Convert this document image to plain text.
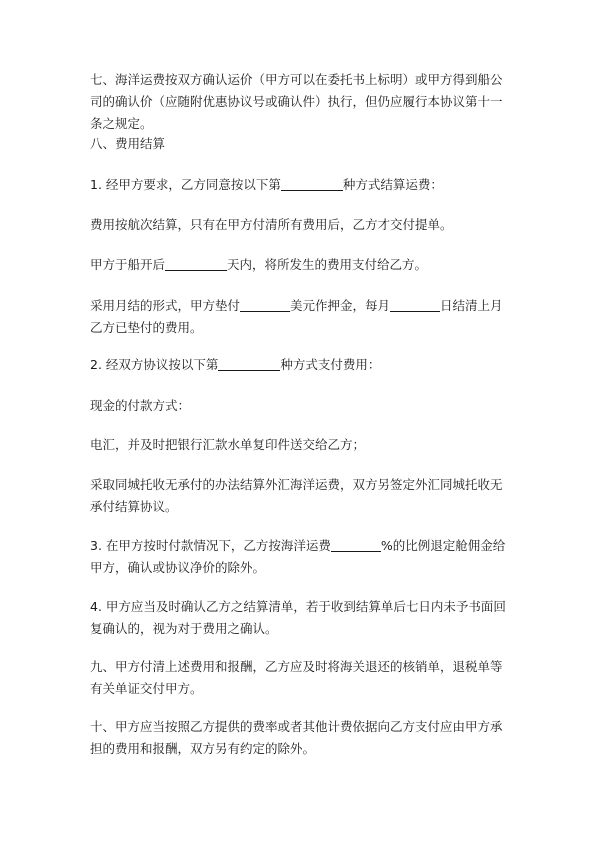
七、海洋运费按双方确认运价（甲方可以在委托书上标明）或甲方得到船公司的确认价（应随附优惠协议号或确认件）执行，但仍应履行本协议第十一条之规定。

八、费用结算

1. 经甲方要求，乙方同意按以下第	种方式结算运费：

费用按航次结算，只有在甲方付清所有费用后，乙方才交付提单。

甲方于船开后	天内，将所发生的费用支付给乙方。

采用月结的形式，甲方垫付	美元作押金，每月	日结清上月乙方已垫付的费用。

2. 经双方协议按以下第	种方式支付费用：

现金的付款方式：

电汇，并及时把银行汇款水单复印件送交给乙方；

采取同城托收无承付的办法结算外汇海洋运费，双方另签定外汇同城托收无承付结算协议。

3. 在甲方按时付款情况下，乙方按海洋运费	%的比例退定舱佣金给甲方，确认或协议净价的除外。

4. 甲方应当及时确认乙方之结算清单，若于收到结算单后七日内未予书面回复确认的，视为对于费用之确认。

九、甲方付清上述费用和报酬，乙方应及时将海关退还的核销单，退税单等有关单证交付甲方。

十、甲方应当按照乙方提供的费率或者其他计费依据向乙方支付应由甲方承担的费用和报酬，双方另有约定的除外。
